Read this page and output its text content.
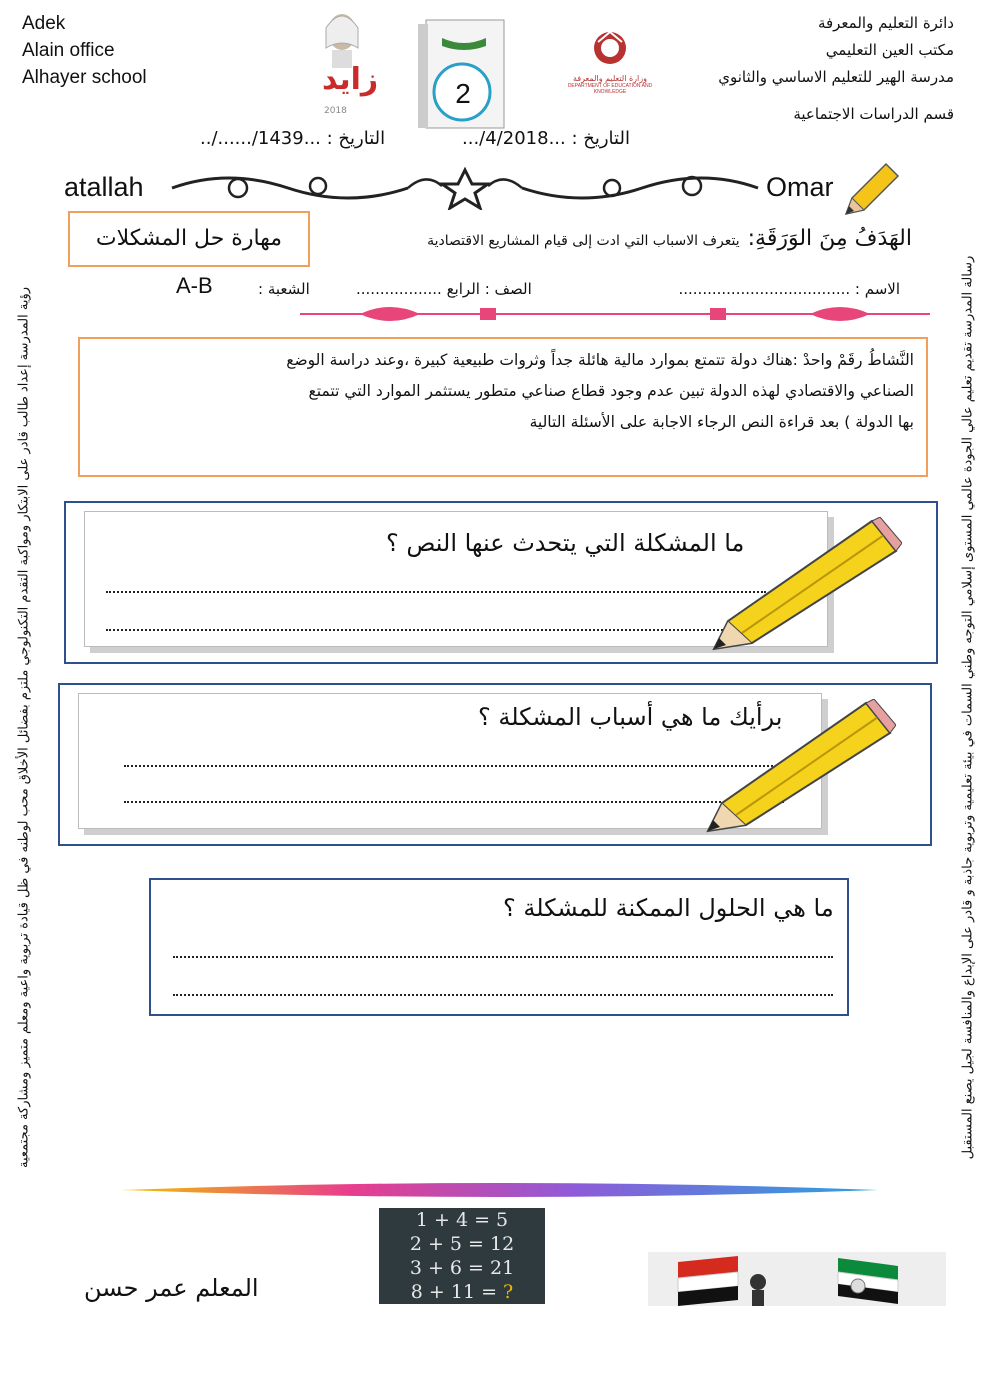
Adek
Alain office
Alhayer school	زايد
2018
2	وزارة التعليم والمعرفة
DEPARTMENT OF EDUCATION AND KNOWLEDGE
دائرة التعليم والمعرفة
مكتب العين التعليمي
مدرسة الهير للتعليم الاساسي والثانوي
قسم الدراسات الاجتماعية
التاريخ : ...4/2018/...
التاريخ : ...1439/....../..
atallah	Omar
مهارة حل المشكلات	الهَدَفُ مِنَ الوَرَقَةِ:
يتعرف الاسباب التي ادت إلى قيام المشاريع الاقتصادية
الاسم : ....................................
الصف : الرابع ..................
الشعبة :
A-B
النَّشاطُ رقَمْ واحدْ :هناك دولة تتمتع بموارد مالية هائلة جداً وثروات طبيعية كبيرة ،وعند دراسة الوضع
الصناعي والاقتصادي لهذه الدولة تبين عدم وجود قطاع صناعي متطور يستثمر الموارد التي تتمتع
بها الدولة ) بعد قراءة النص الرجاء الاجابة على الأسئلة التالية
ما المشكلة التي يتحدث عنها النص ؟
برأيك ما هي أسباب المشكلة ؟
ما هي الحلول الممكنة للمشكلة ؟
رؤية المدرسة إعداد طالب قادر على الابتكار ومواكبة التقدم التكنولوجي ملتزم بفضائل الأخلاق محب لوطنه في ظل قيادة تربوية واعية ومعلم متميز ومشاركة مجتمعية	رسالة المدرسة تقديم تعليم عالي الجودة عالمي المستوى إسلامي التوجه وطني السمات في بيئة تعليمية وتربوية جاذبة و قادر على الإبداع والمنافسة لجيل يصنع المستقبل
1 + 4 = 5
2 + 5 = 12
3 + 6 = 21
8 + 11 = ?
المعلم عمر حسن
